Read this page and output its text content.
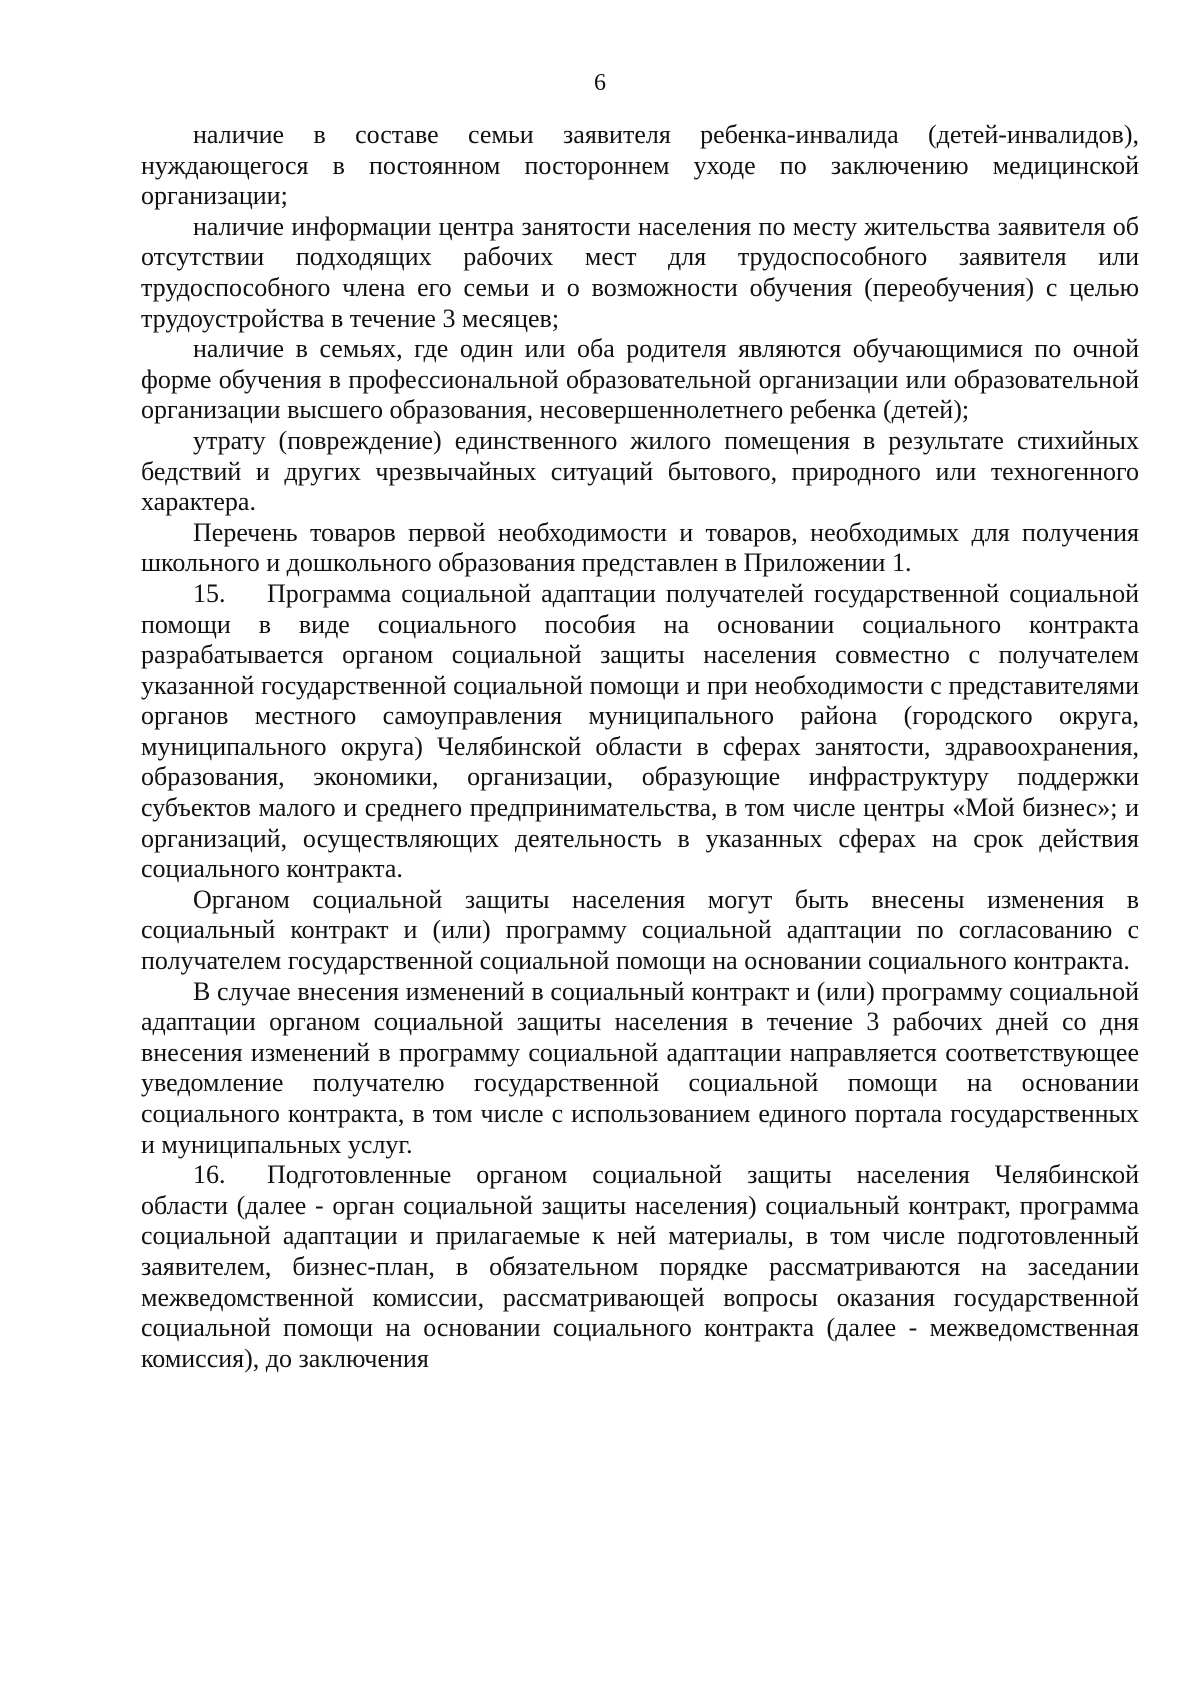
6

наличие в составе семьи заявителя ребенка-инвалида (детей-инвалидов), нуждающегося в постоянном постороннем уходе по заключению медицинской организации;

наличие информации центра занятости населения по месту жительства заявителя об отсутствии подходящих рабочих мест для трудоспособного заявителя или трудоспособного члена его семьи и о возможности обучения (переобучения) с целью трудоустройства в течение 3 месяцев;

наличие в семьях, где один или оба родителя являются обучающимися по очной форме обучения в профессиональной образовательной организации или образовательной организации высшего образования, несовершеннолетнего ребенка (детей);

утрату (повреждение) единственного жилого помещения в результате стихийных бедствий и других чрезвычайных ситуаций бытового, природного или техногенного характера.

Перечень товаров первой необходимости и товаров, необходимых для получения школьного и дошкольного образования представлен в Приложении 1.

15. Программа социальной адаптации получателей государственной социальной помощи в виде социального пособия на основании социального контракта разрабатывается органом социальной защиты населения совместно с получателем указанной государственной социальной помощи и при необходимости с представителями органов местного самоуправления муниципального района (городского округа, муниципального округа) Челябинской области в сферах занятости, здравоохранения, образования, экономики, организации, образующие инфраструктуру поддержки субъектов малого и среднего предпринимательства, в том числе центры «Мой бизнес»; и организаций, осуществляющих деятельность в указанных сферах на срок действия социального контракта.

Органом социальной защиты населения могут быть внесены изменения в социальный контракт и (или) программу социальной адаптации по согласованию с получателем государственной социальной помощи на основании социального контракта.

В случае внесения изменений в социальный контракт и (или) программу социальной адаптации органом социальной защиты населения в течение 3 рабочих дней со дня внесения изменений в программу социальной адаптации направляется соответствующее уведомление получателю государственной социальной помощи на основании социального контракта, в том числе с использованием единого портала государственных и муниципальных услуг.

16. Подготовленные органом социальной защиты населения Челябинской области (далее - орган социальной защиты населения) социальный контракт, программа социальной адаптации и прилагаемые к ней материалы, в том числе подготовленный заявителем, бизнес-план, в обязательном порядке рассматриваются на заседании межведомственной комиссии, рассматривающей вопросы оказания государственной социальной помощи на основании социального контракта (далее - межведомственная комиссия), до заключения
